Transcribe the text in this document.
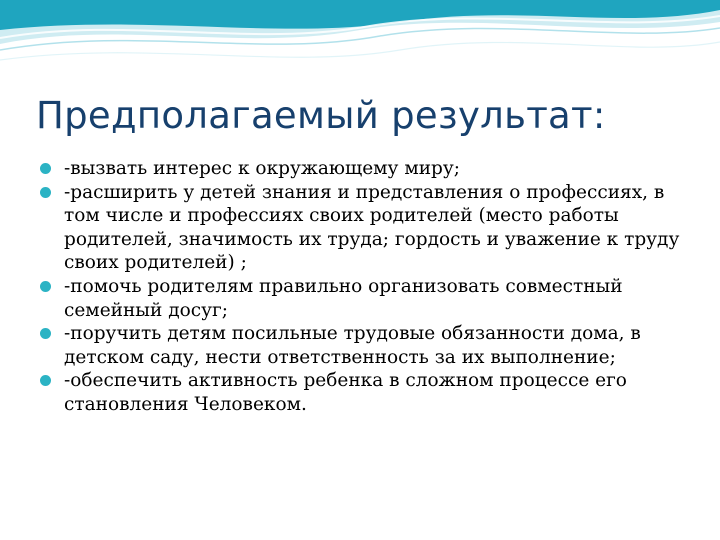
Предполагаемый результат:
-вызвать интерес к окружающему миру;
-расширить у детей знания и представления о профессиях, в том числе и профессиях своих родителей (место работы родителей, значимость их труда; гордость и уважение к труду своих родителей) ;
-помочь родителям правильно организовать совместный семейный досуг;
-поручить детям посильные трудовые обязанности дома, в детском саду, нести ответственность за их выполнение;
-обеспечить активность ребенка в сложном процессе его становления Человеком.
